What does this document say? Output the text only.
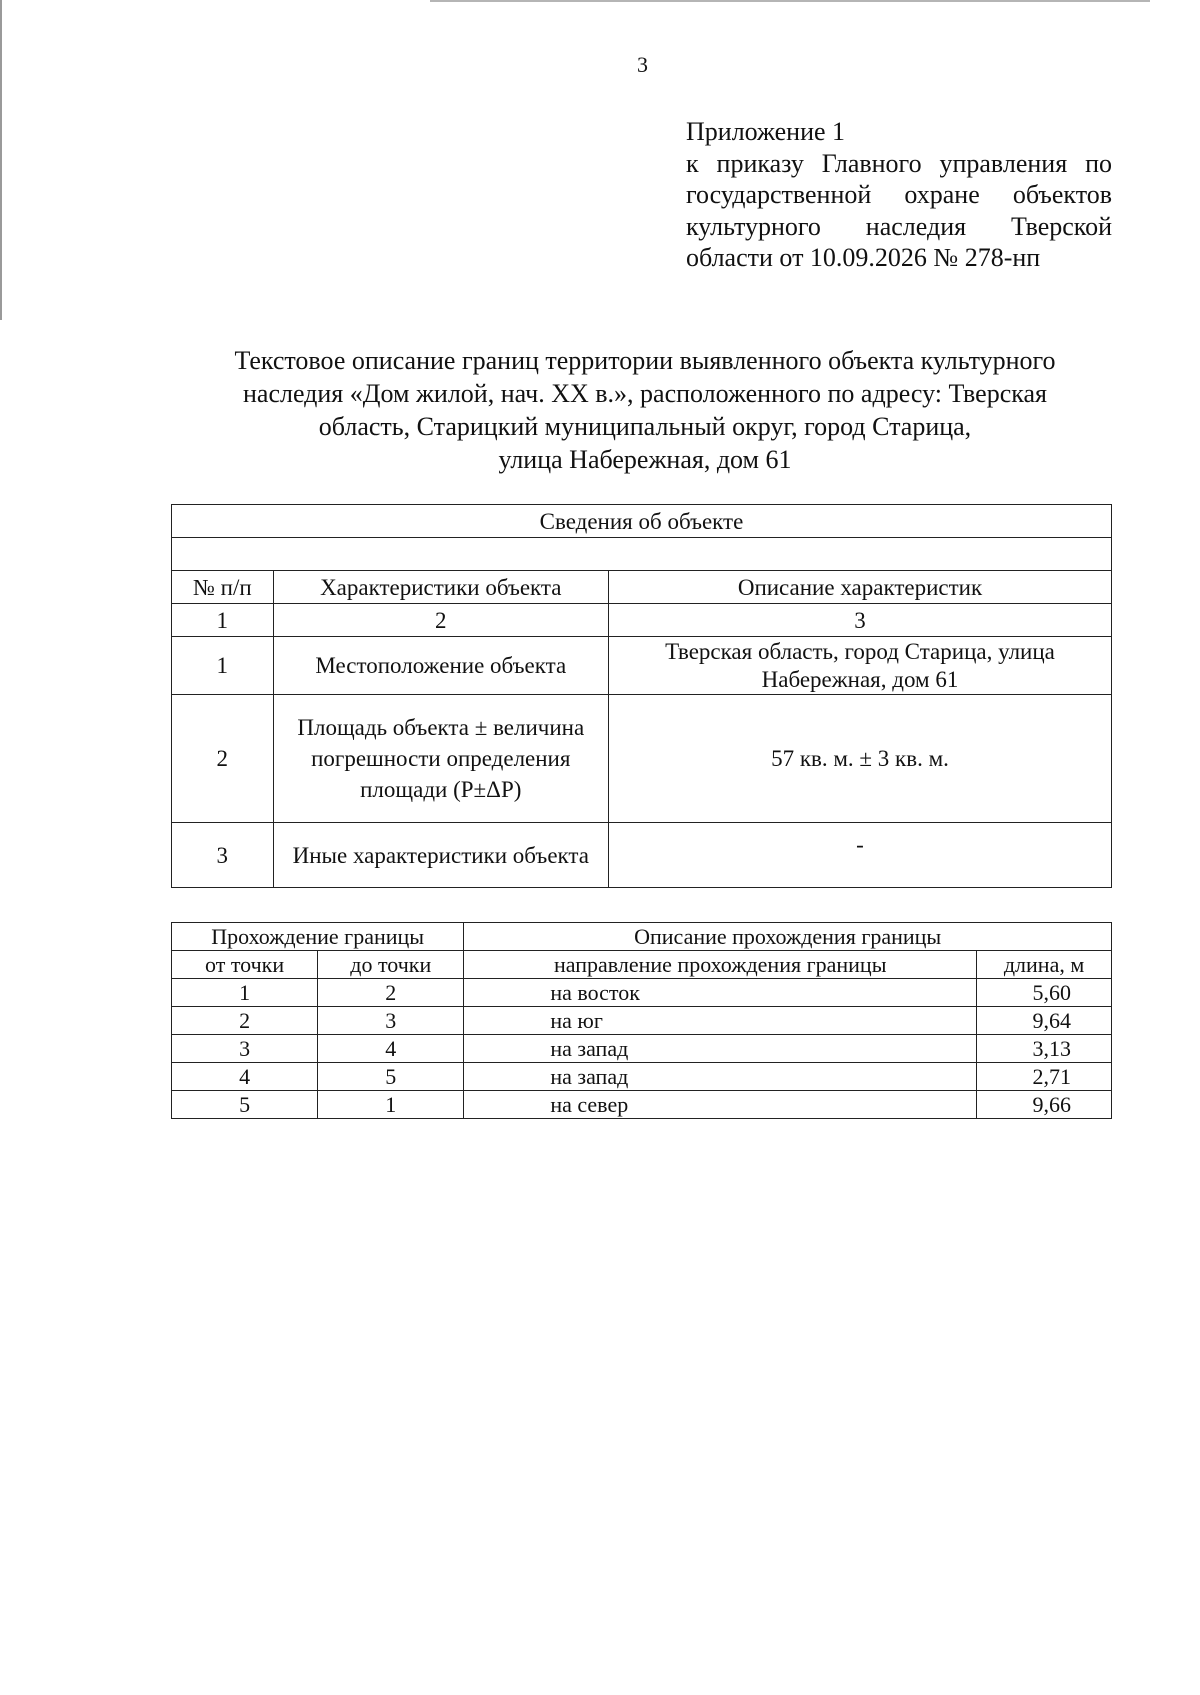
3
Приложение 1
к приказу Главного управления по
государственной охране объектов
культурного наследия Тверской
области от 10.09.2026 № 278-нп
Текстовое описание границ территории выявленного объекта культурного
наследия «Дом жилой, нач. XX в.», расположенного по адресу: Тверская
область, Старицкий муниципальный округ, город Старица,
улица Набережная, дом 61
Сведения об объекте		

№ п/п	Характеристики объекта	Описание характеристик
1	2	3
1	Местоположение объекта	Тверская область, город Старица, улица Набережная, дом 61
2	Площадь объекта ± величина погрешности определения площади (Р±ΔР)	57 кв. м. ± 3 кв. м.
3	Иные характеристики объекта	-
Прохождение границы		Описание прохождения границы	
от точки	до точки	направление прохождения границы	длина, м
1	2	на восток	5,60
2	3	на юг	9,64
3	4	на запад	3,13
4	5	на запад	2,71
5	1	на север	9,66
